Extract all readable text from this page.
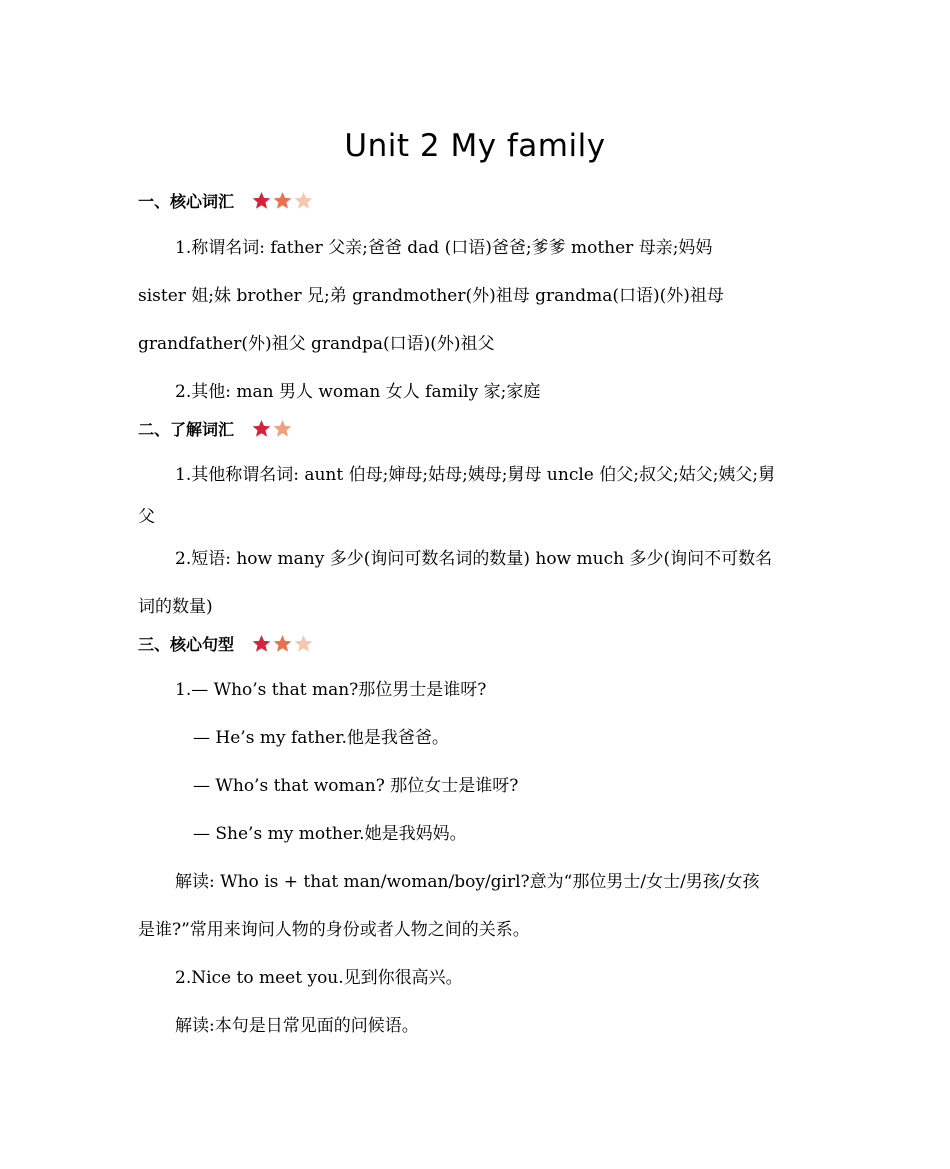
Unit 2 My family
一、核心词汇
1.称谓名词: father 父亲;爸爸 dad (口语)爸爸;爹爹 mother 母亲;妈妈
sister 姐;妹 brother 兄;弟 grandmother(外)祖母 grandma(口语)(外)祖母
grandfather(外)祖父 grandpa(口语)(外)祖父
2.其他: man 男人 woman 女人 family 家;家庭
二、了解词汇
1.其他称谓名词: aunt 伯母;婶母;姑母;姨母;舅母 uncle 伯父;叔父;姑父;姨父;舅
父
2.短语: how many 多少(询问可数名词的数量) how much 多少(询问不可数名
词的数量)
三、核心句型
1.— Who’s that man?那位男士是谁呀?
— He’s my father.他是我爸爸。
— Who’s that woman? 那位女士是谁呀?
— She’s my mother.她是我妈妈。
解读: Who is + that man/woman/boy/girl?意为“那位男士/女士/男孩/女孩
是谁?”常用来询问人物的身份或者人物之间的关系。
2.Nice to meet you.见到你很高兴。
解读:本句是日常见面的问候语。
